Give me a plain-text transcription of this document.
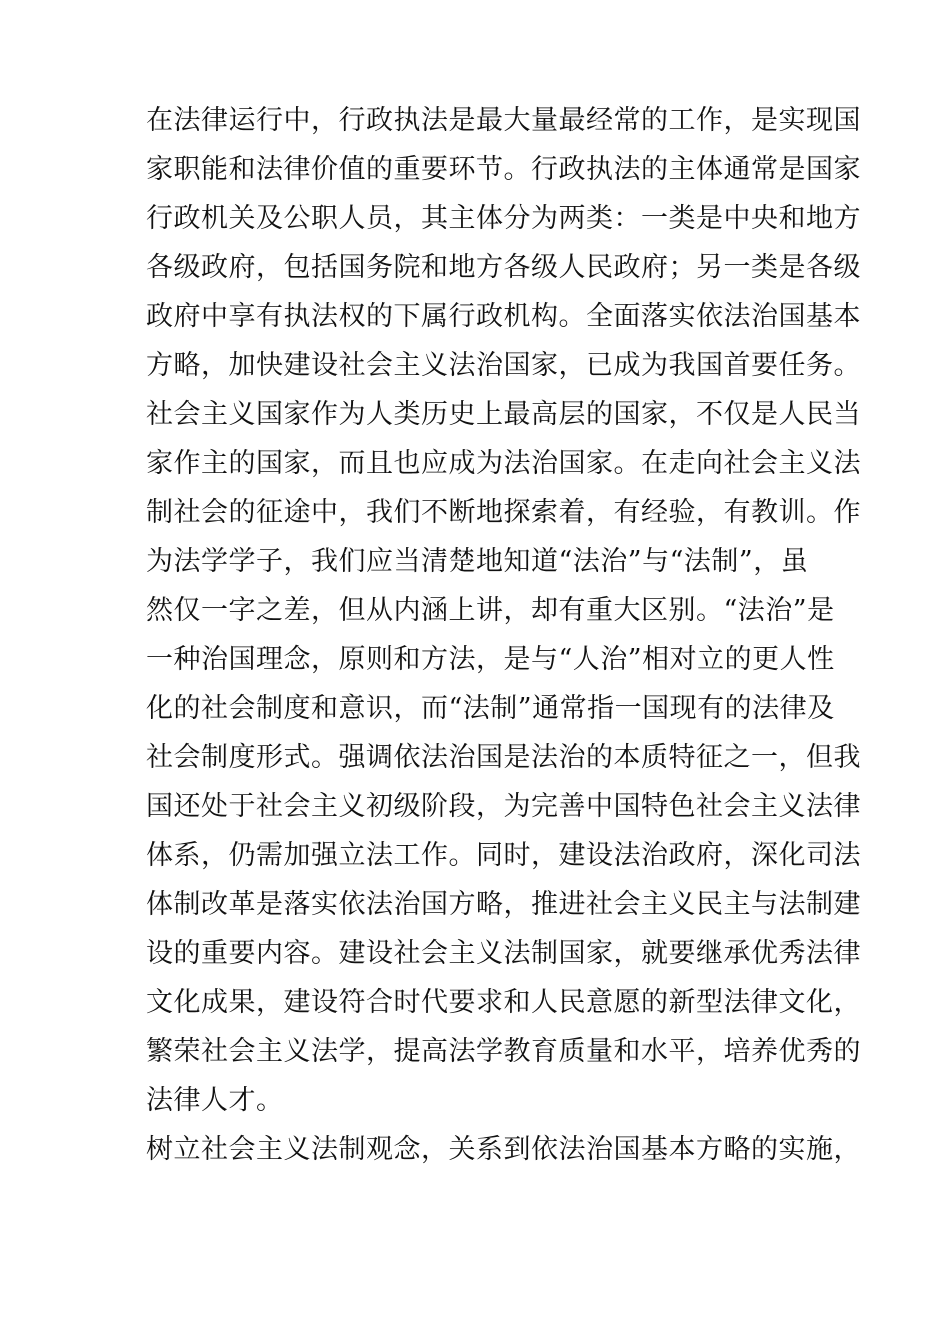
在法律运行中，行政执法是最大量最经常的工作，是实现国
家职能和法律价值的重要环节。行政执法的主体通常是国家
行政机关及公职人员，其主体分为两类：一类是中央和地方
各级政府，包括国务院和地方各级人民政府；另一类是各级
政府中享有执法权的下属行政机构。全面落实依法治国基本
方略，加快建设社会主义法治国家，已成为我国首要任务。
社会主义国家作为人类历史上最高层的国家，不仅是人民当
家作主的国家，而且也应成为法治国家。在走向社会主义法
制社会的征途中，我们不断地探索着，有经验，有教训。作
为法学学子，我们应当清楚地知道“法治”与“法制”，虽
然仅一字之差，但从内涵上讲，却有重大区别。“法治”是
一种治国理念，原则和方法，是与“人治”相对立的更人性
化的社会制度和意识，而“法制”通常指一国现有的法律及
社会制度形式。强调依法治国是法治的本质特征之一，但我
国还处于社会主义初级阶段，为完善中国特色社会主义法律
体系，仍需加强立法工作。同时，建设法治政府，深化司法
体制改革是落实依法治国方略，推进社会主义民主与法制建
设的重要内容。建设社会主义法制国家，就要继承优秀法律
文化成果，建设符合时代要求和人民意愿的新型法律文化，
繁荣社会主义法学，提高法学教育质量和水平，培养优秀的
法律人才。
树立社会主义法制观念，关系到依法治国基本方略的实施，
